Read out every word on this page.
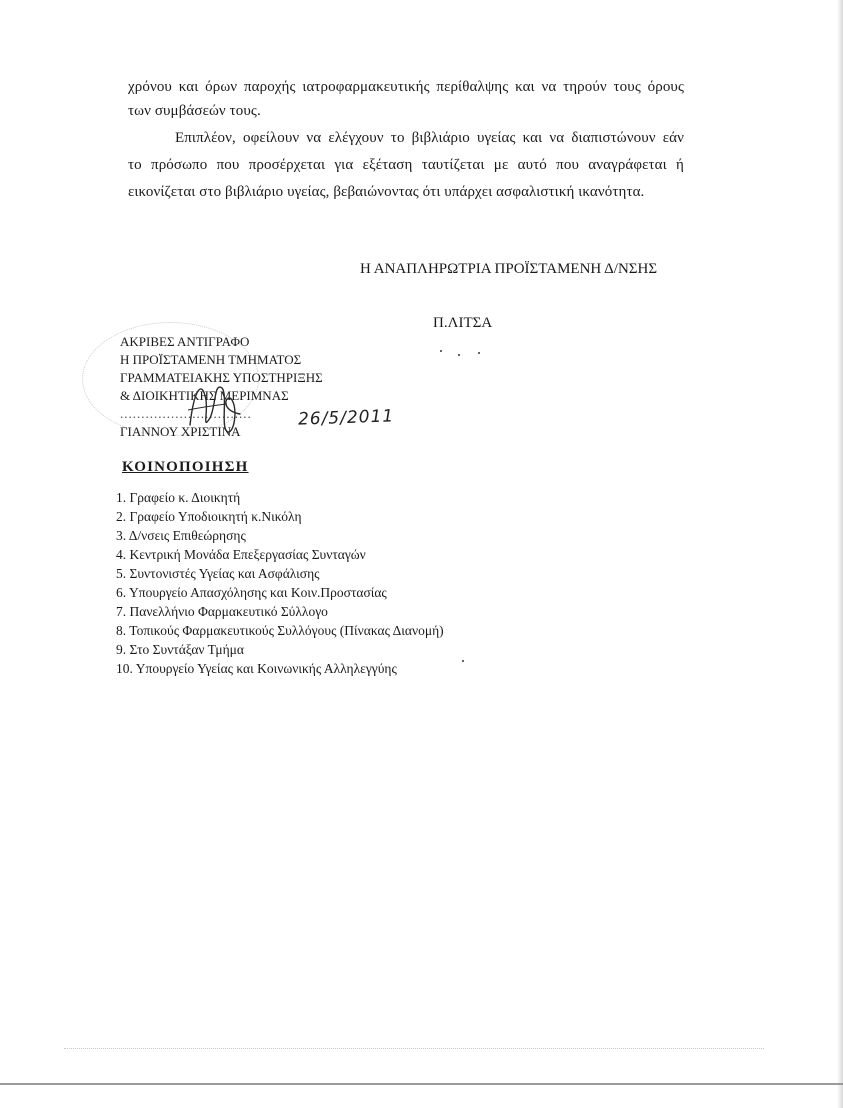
χρόνου και όρων παροχής ιατροφαρμακευτικής περίθαλψης και να τηρούν τους όρους
των συμβάσεών τους.
Επιπλέον, οφείλουν να ελέγχουν το βιβλιάριο υγείας και να διαπιστώνουν εάν
το πρόσωπο που προσέρχεται για εξέταση ταυτίζεται με αυτό που αναγράφεται ή
εικονίζεται στο βιβλιάριο υγείας, βεβαιώνοντας ότι υπάρχει ασφαλιστική ικανότητα.
Η ΑΝΑΠΛΗΡΩΤΡΙΑ ΠΡΟΪΣΤΑΜΕΝΗ Δ/ΝΣΗΣ
Π.ΛΙΤΣΑ
ΑΚΡΙΒΕΣ ΑΝΤΙΓΡΑΦΟ
Η ΠΡΟΪΣΤΑΜΕΝΗ ΤΜΗΜΑΤΟΣ
ΓΡΑΜΜΑΤΕΙΑΚΗΣ ΥΠΟΣΤΗΡΙΞΗΣ
& ΔΙΟΙΚΗΤΙΚΗΣ ΜΕΡΙΜΝΑΣ
...............................
ΓΙΑΝΝΟΥ ΧΡΙΣΤΙΝΑ
26/5/2011
ΚΟΙΝΟΠΟΙΗΣΗ
1. Γραφείο κ. Διοικητή
2. Γραφείο Υποδιοικητή κ.Νικόλη
3. Δ/νσεις Επιθεώρησης
4. Κεντρική Μονάδα Επεξεργασίας Συνταγών
5. Συντονιστές Υγείας και Ασφάλισης
6. Υπουργείο Απασχόλησης και Κοιν.Προστασίας
7. Πανελλήνιο Φαρμακευτικό Σύλλογο
8. Τοπικούς Φαρμακευτικούς Συλλόγους (Πίνακας Διανομή)
9. Στο Συντάξαν Τμήμα
10. Υπουργείο Υγείας και Κοινωνικής Αλληλεγγύης
